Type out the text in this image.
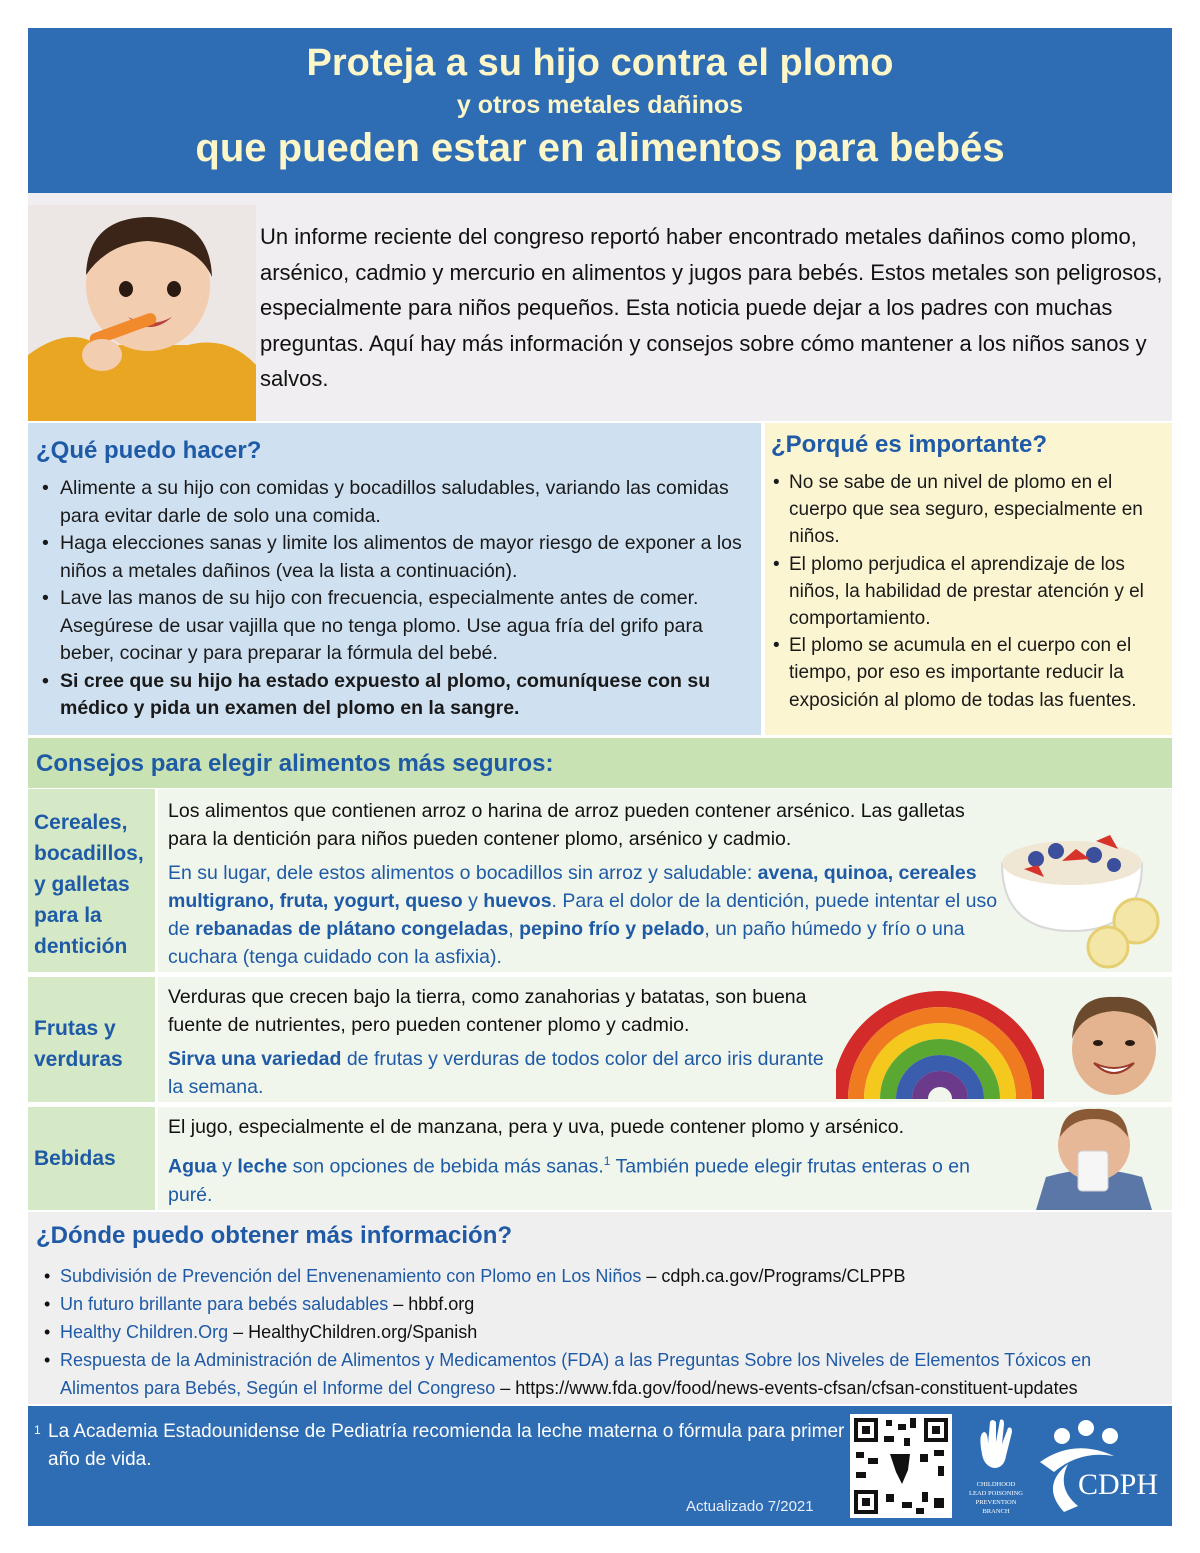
Proteja a su hijo contra el plomo
y otros metales dañinos
que pueden estar en alimentos para bebés
Un informe reciente del congreso reportó haber encontrado metales dañinos como plomo, arsénico, cadmio y mercurio en alimentos y jugos para bebés. Estos metales son peligrosos, especialmente para niños pequeños. Esta noticia puede dejar a los padres con muchas preguntas. Aquí hay más información y consejos sobre cómo mantener a los niños sanos y salvos.
¿Qué puedo hacer?
• Alimente a su hijo con comidas y bocadillos saludables, variando las comidas para evitar darle de solo una comida.
• Haga elecciones sanas y limite los alimentos de mayor riesgo de exponer a los niños a metales dañinos (vea la lista a continuación).
• Lave las manos de su hijo con frecuencia, especialmente antes de comer. Asegúrese de usar vajilla que no tenga plomo. Use agua fría del grifo para beber, cocinar y para preparar la fórmula del bebé.
• Si cree que su hijo ha estado expuesto al plomo, comuníquese con su médico y pida un examen del plomo en la sangre.
¿Porqué es importante?
• No se sabe de un nivel de plomo en el cuerpo que sea seguro, especialmente en niños.
• El plomo perjudica el aprendizaje de los niños, la habilidad de prestar atención y el comportamiento.
• El plomo se acumula en el cuerpo con el tiempo, por eso es importante reducir la exposición al plomo de todas las fuentes.
Consejos para elegir alimentos más seguros:
Cereales,
bocadillos,
y galletas
para la
dentición
Los alimentos que contienen arroz o harina de arroz pueden contener arsénico. Las galletas para la dentición para niños pueden contener plomo, arsénico y cadmio.
En su lugar, dele estos alimentos o bocadillos sin arroz y saludable: avena, quinoa, cereales multigrano, fruta, yogurt, queso y huevos. Para el dolor de la dentición, puede intentar el uso de rebanadas de plátano congeladas, pepino frío y pelado, un paño húmedo y frío o una cuchara (tenga cuidado con la asfixia).
Frutas y
verduras
Verduras que crecen bajo la tierra, como zanahorias y batatas, son buena fuente de nutrientes, pero pueden contener plomo y cadmio.
Sirva una variedad de frutas y verduras de todos color del arco iris durante la semana.
Bebidas
El jugo, especialmente el de manzana, pera y uva, puede contener plomo y arsénico.
Agua y leche son opciones de bebida más sanas.$^1$ También puede elegir frutas enteras o en puré.
¿Dónde puedo obtener más información?
• Subdivisión de Prevención del Envenenamiento con Plomo en Los Niños – cdph.ca.gov/Programs/CLPPB
• Un futuro brillante para bebés saludables – hbbf.org
• Healthy Children.Org – HealthyChildren.org/Spanish
• Respuesta de la Administración de Alimentos y Medicamentos (FDA) a las Preguntas Sobre los Niveles de Elementos Tóxicos en Alimentos para Bebés, Según el Informe del Congreso – https://www.fda.gov/food/news-events-cfsan/cfsan-constituent-updates
1 La Academia Estadounidense de Pediatría recomienda la leche materna o fórmula para primer año de vida.
Actualizado 7/2021
CHILDHOOD
LEAD POISONING
PREVENTION
BRANCH
CDPH
